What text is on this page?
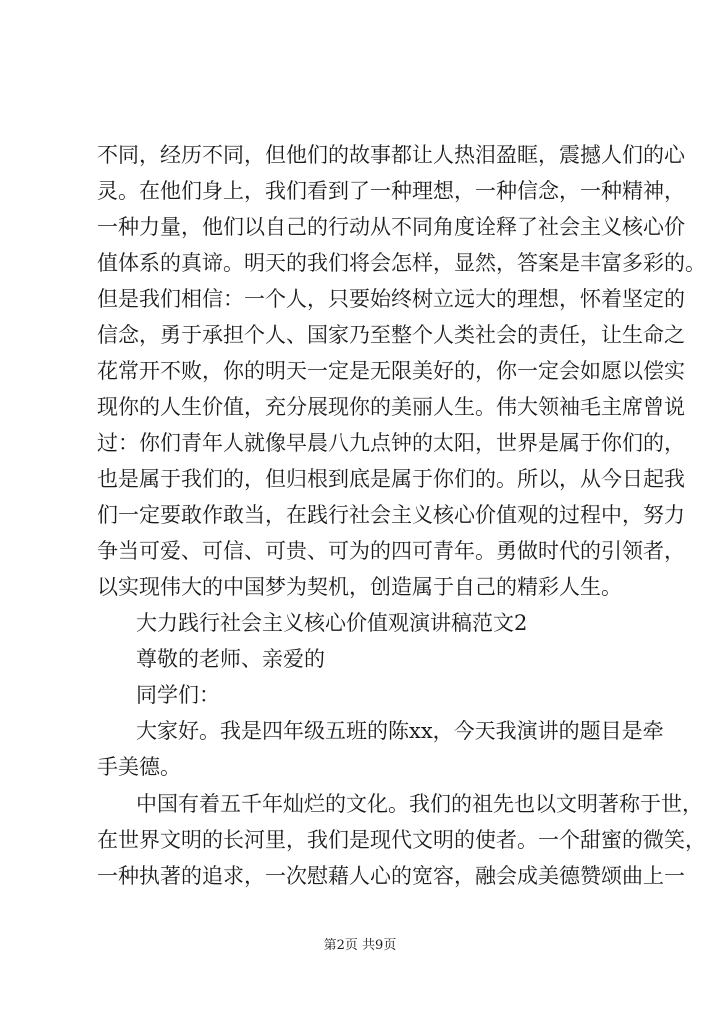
不同，经历不同，但他们的故事都让人热泪盈眶，震撼人们的心
灵。在他们身上，我们看到了一种理想，一种信念，一种精神，
一种力量，他们以自己的行动从不同角度诠释了社会主义核心价
值体系的真谛。明天的我们将会怎样，显然，答案是丰富多彩的。
但是我们相信：一个人，只要始终树立远大的理想，怀着坚定的
信念，勇于承担个人、国家乃至整个人类社会的责任，让生命之
花常开不败，你的明天一定是无限美好的，你一定会如愿以偿实
现你的人生价值，充分展现你的美丽人生。伟大领袖毛主席曾说
过：你们青年人就像早晨八九点钟的太阳，世界是属于你们的，
也是属于我们的，但归根到底是属于你们的。所以，从今日起我
们一定要敢作敢当，在践行社会主义核心价值观的过程中，努力
争当可爱、可信、可贵、可为的四可青年。勇做时代的引领者，
以实现伟大的中国梦为契机，创造属于自己的精彩人生。
大力践行社会主义核心价值观演讲稿范文2
尊敬的老师、亲爱的
同学们：
大家好。我是四年级五班的陈xx，今天我演讲的题目是牵
手美德。
中国有着五千年灿烂的文化。我们的祖先也以文明著称于世，
在世界文明的长河里，我们是现代文明的使者。一个甜蜜的微笑，
一种执著的追求，一次慰藉人心的宽容，融会成美德赞颂曲上一
第2页 共9页
